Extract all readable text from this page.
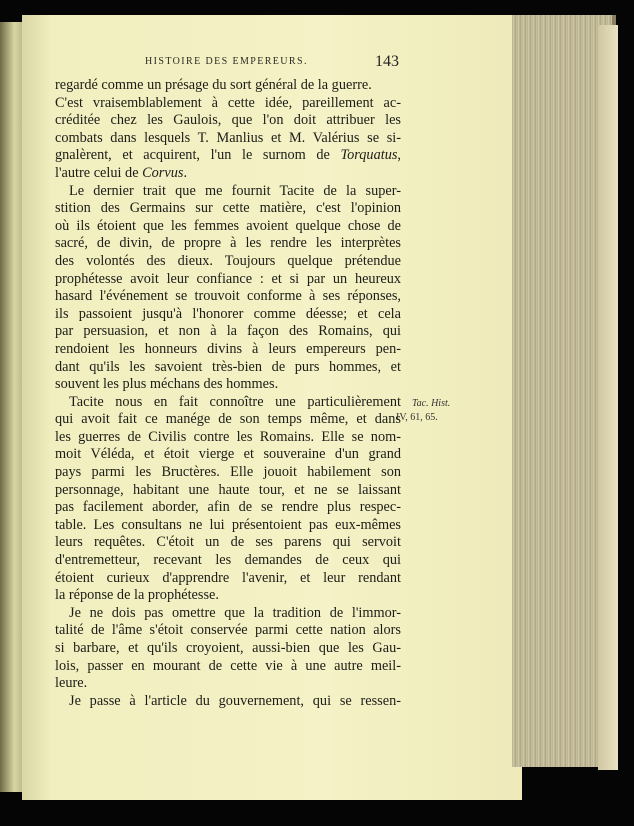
HISTOIRE DES EMPEREURS.	143
regardé comme un présage du sort général de la guerre.
C'est vraisemblablement à cette idée, pareillement ac-
créditée chez les Gaulois, que l'on doit attribuer les
combats dans lesquels T. Manlius et M. Valérius se si-
gnalèrent, et acquirent, l'un le surnom de Torquatus,
l'autre celui de Corvus.
Le dernier trait que me fournit Tacite de la super-
stition des Germains sur cette matière, c'est l'opinion
où ils étoient que les femmes avoient quelque chose de
sacré, de divin, de propre à les rendre les interprètes
des volontés des dieux. Toujours quelque prétendue
prophétesse avoit leur confiance : et si par un heureux
hasard l'événement se trouvoit conforme à ses réponses,
ils passoient jusqu'à l'honorer comme déesse; et cela
par persuasion, et non à la façon des Romains, qui
rendoient les honneurs divins à leurs empereurs pen-
dant qu'ils les savoient très-bien de purs hommes, et
souvent les plus méchans des hommes.
Tacite nous en fait connoître une particulièrement
qui avoit fait ce manége de son temps même, et dans
les guerres de Civilis contre les Romains. Elle se nom-
moit Véléda, et étoit vierge et souveraine d'un grand
pays parmi les Bructères. Elle jouoit habilement son
personnage, habitant une haute tour, et ne se laissant
pas facilement aborder, afin de se rendre plus respec-
table. Les consultans ne lui présentoient pas eux-mêmes
leurs requêtes. C'étoit un de ses parens qui servoit
d'entremetteur, recevant les demandes de ceux qui
étoient curieux d'apprendre l'avenir, et leur rendant
la réponse de la prophétesse.
Je ne dois pas omettre que la tradition de l'immor-
talité de l'âme s'étoit conservée parmi cette nation alors
si barbare, et qu'ils croyoient, aussi-bien que les Gau-
lois, passer en mourant de cette vie à une autre meil-
leure.
Je passe à l'article du gouvernement, qui se ressen-
Tac. Hist.
IV, 61, 65.
